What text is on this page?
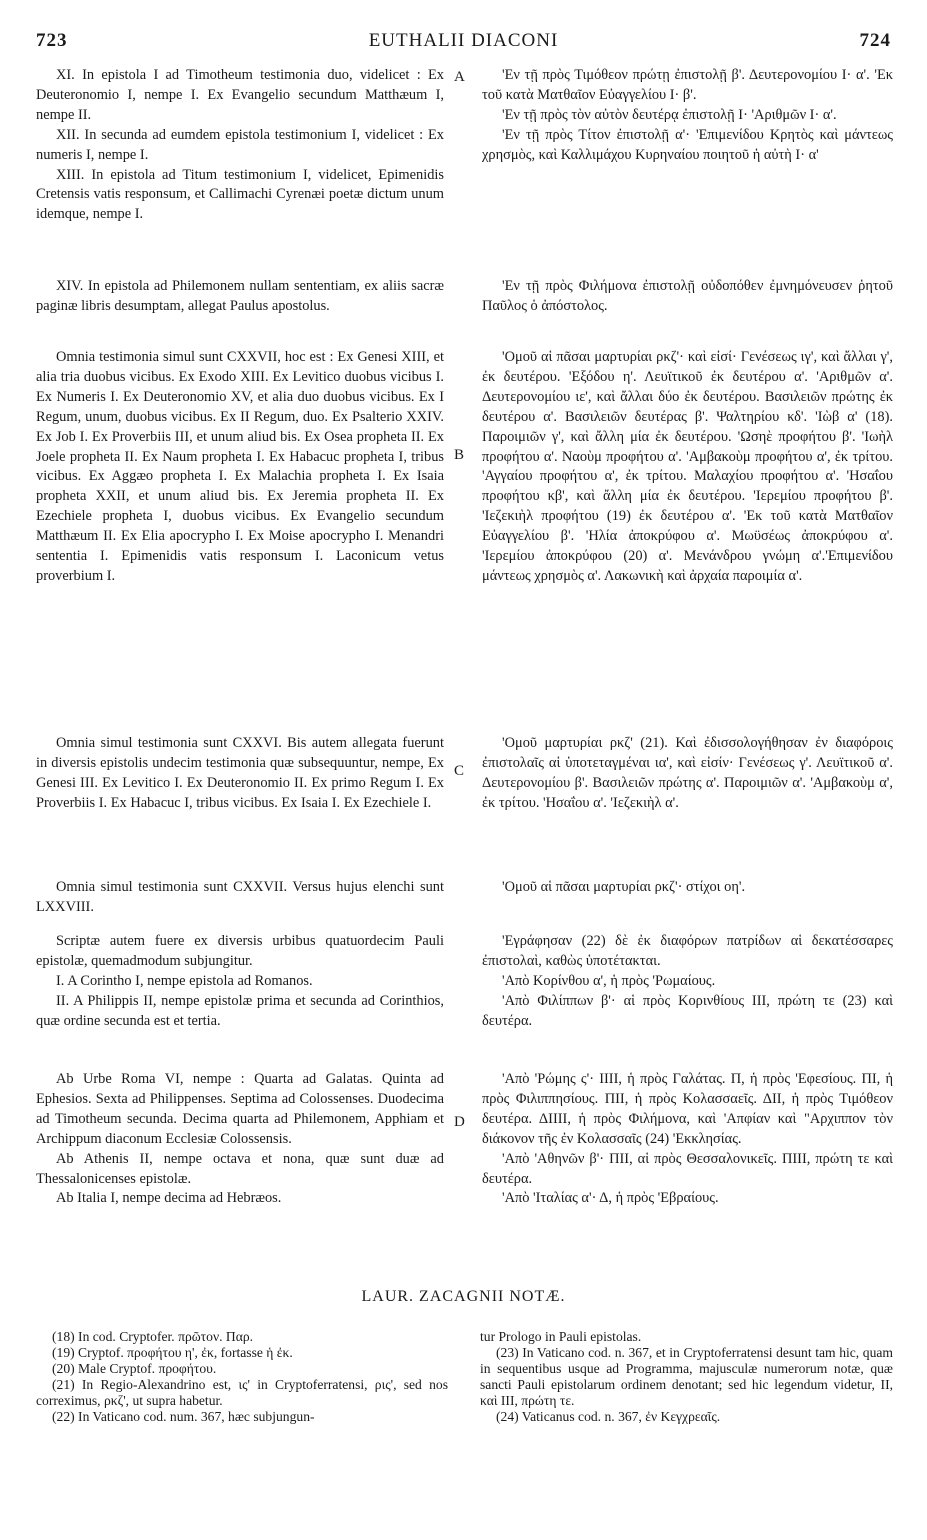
723	EUTHALII DIACONI	724

XI. In epistola I ad Timotheum testimonia duo, videlicet : Ex Deuteronomio I, nempe I. Ex Evangelio secundum Matthæum I, nempe II.

XII. In secunda ad eumdem epistola testimonium I, videlicet : Ex numeris I, nempe I.

XIII. In epistola ad Titum testimonium I, videlicet, Epimenidis Cretensis vatis responsum, et Callimachi Cyrenæi poetæ dictum unum idemque, nempe I.

XIV. In epistola ad Philemonem nullam sententiam, ex aliis sacræ paginæ libris desumptam, allegat Paulus apostolus.

Omnia testimonia simul sunt CXXVII, hoc est : Ex Genesi XIII, et alia tria duobus vicibus. Ex Exodo XIII. Ex Levitico duobus vicibus I. Ex Numeris I. Ex Deuteronomio XV, et alia duo duobus vicibus. Ex I Regum, unum, duobus vicibus. Ex II Regum, duo. Ex Psalterio XXIV. Ex Job I. Ex Proverbiis III, et unum aliud bis. Ex Osea propheta II. Ex Joele propheta II. Ex Naum propheta I. Ex Habacuc propheta I, tribus vicibus. Ex Aggæo propheta I. Ex Malachia propheta I. Ex Isaia propheta XXII, et unum aliud bis. Ex Jeremia propheta II. Ex Ezechiele propheta I, duobus vicibus. Ex Evangelio secundum Matthæum II. Ex Elia apocrypho I. Ex Moise apocrypho I. Menandri sententia I. Epimenidis vatis responsum I. Laconicum vetus proverbium I.

Omnia simul testimonia sunt CXXVI. Bis autem allegata fuerunt in diversis epistolis undecim testimonia quæ subsequuntur, nempe, Ex Genesi III. Ex Levitico I. Ex Deuteronomio II. Ex primo Regum I. Ex Proverbiis I. Ex Habacuc I, tribus vicibus. Ex Isaia I. Ex Ezechiele I.

Omnia simul testimonia sunt CXXVII. Versus hujus elenchi sunt LXXVIII.

Scriptæ autem fuere ex diversis urbibus quatuordecim Pauli epistolæ, quemadmodum subjungitur.

I. A Corintho I, nempe epistola ad Romanos.

II. A Philippis II, nempe epistolæ prima et secunda ad Corinthios, quæ ordine secunda est et tertia.

Ab Urbe Roma VI, nempe : Quarta ad Galatas. Quinta ad Ephesios. Sexta ad Philippenses. Septima ad Colossenses. Duodecima ad Timotheum secunda. Decima quarta ad Philemonem, Apphiam et Archippum diaconum Ecclesiæ Colossensis.

Ab Athenis II, nempe octava et nona, quæ sunt duæ ad Thessalonicenses epistolæ.

Ab Italia I, nempe decima ad Hebræos.

A
B
C
D

'Εν τῇ πρὸς Τιμόθεον πρώτῃ ἐπιστολῇ β'. Δευτερονομίου Ι· α'. 'Εκ τοῦ κατὰ Ματθαῖον Εὐαγγελίου Ι· β'.

'Εν τῇ πρὸς τὸν αὐτὸν δευτέρᾳ ἐπιστολῇ Ι· 'Αριθμῶν Ι· α'.

'Εν τῇ πρὸς Τίτον ἐπιστολῇ α'· 'Επιμενίδου Κρητὸς καὶ μάντεως χρησμὸς, καὶ Καλλιμάχου Κυρηναίου ποιητοῦ ἡ αὐτὴ Ι· α'

'Εν τῇ πρὸς Φιλήμονα ἐπιστολῇ οὐδοπόθεν ἐμνημόνευσεν ῥητοῦ Παῦλος ὁ ἀπόστολος.

'Ομοῦ αἱ πᾶσαι μαρτυρίαι ρκζ'· καὶ εἰσί· Γενέσεως ιγ', καὶ ἄλλαι γ', ἐκ δευτέρου. 'Εξόδου η'. Λευϊτικοῦ ἐκ δευτέρου α'. 'Αριθμῶν α'. Δευτερονομίου ιε', καὶ ἄλλαι δύο ἐκ δευτέρου. Βασιλειῶν πρώτης ἐκ δευτέρου α'. Βασιλειῶν δευτέρας β'. Ψαλτηρίου κδ'. 'Ιὼβ α' (18). Παροιμιῶν γ', καὶ ἄλλη μία ἐκ δευτέρου. 'Ωσηὲ προφήτου β'. 'Ιωὴλ προφήτου α'. Ναοὺμ προφήτου α'. 'Αμβακοὺμ προφήτου α', ἐκ τρίτου. 'Αγγαίου προφήτου α', ἐκ τρίτου. Μαλαχίου προφήτου α'. 'Ησαΐου προφήτου κβ', καὶ ἄλλη μία ἐκ δευτέρου. 'Ιερεμίου προφήτου β'. 'Ιεζεκιὴλ προφήτου (19) ἐκ δευτέρου α'. 'Εκ τοῦ κατὰ Ματθαῖον Εὐαγγελίου β'. 'Ηλία ἀποκρύφου α'. Μωϋσέως ἀποκρύφου α'. 'Ιερεμίου ἀποκρύφου (20) α'. Μενάνδρου γνώμη α'.'Επιμενίδου μάντεως χρησμὸς α'. Λακωνικὴ καὶ ἀρχαία παροιμία α'.

'Ομοῦ μαρτυρίαι ρκζ' (21). Καὶ ἐδισσολογήθησαν ἐν διαφόροις ἐπιστολαῖς αἱ ὑποτεταγμέναι ια', καὶ εἰσίν· Γενέσεως γ'. Λευϊτικοῦ α'. Δευτερονομίου β'. Βασιλειῶν πρώτης α'. Παροιμιῶν α'. 'Αμβακοὺμ α', ἐκ τρίτου. 'Ησαΐου α'. 'Ιεζεκιὴλ α'.

'Ομοῦ αἱ πᾶσαι μαρτυρίαι ρκζ'· στίχοι οη'.

'Εγράφησαν (22) δὲ ἐκ διαφόρων πατρίδων αἱ δεκατέσσαρες ἐπιστολαὶ, καθὼς ὑποτέτακται.

'Απὸ Κορίνθου α', ἡ πρὸς 'Ρωμαίους.

'Απὸ Φιλίππων β'· αἱ πρὸς Κορινθίους ΙΙΙ, πρώτη τε (23) καὶ δευτέρα.

'Απὸ 'Ρώμης ς'· ΙΙΙΙ, ἡ πρὸς Γαλάτας. Π, ἡ πρὸς 'Εφεσίους. ΠΙ, ἡ πρὸς Φιλιππησίους. ΠΙΙ, ἡ πρὸς Κολασσαεῖς. ΔΙΙ, ἡ πρὸς Τιμόθεον δευτέρα. ΔΙΙΙΙ, ἡ πρὸς Φιλήμονα, καὶ 'Απφίαν καὶ "Αρχιππον τὸν διάκονον τῆς ἐν Κολασσαῖς (24) 'Εκκλησίας.

'Απὸ 'Αθηνῶν β'· ΠΙΙ, αἱ πρὸς Θεσσαλονικεῖς. ΠΙΙΙ, πρώτη τε καὶ δευτέρα.

'Απὸ 'Ιταλίας α'· Δ, ἡ πρὸς 'Εβραίους.

LAUR. ZACAGNII NOTÆ.

(18) In cod. Cryptofer. πρῶτον. Παρ.

(19) Cryptof. προφήτου η', ἐκ, fortasse ἡ ἐκ.

(20) Male Cryptof. προφήτου.

(21) In Regio-Alexandrino est, ις' in Cryptoferratensi, ρις', sed nos correximus, ρκζ', ut supra habetur.

(22) In Vaticano cod. num. 367, hæc subjungun-

tur Prologo in Pauli epistolas.

(23) In Vaticano cod. n. 367, et in Cryptoferratensi desunt tam hic, quam in sequentibus usque ad Programma, majusculæ numerorum notæ, quæ sancti Pauli epistolarum ordinem denotant; sed hic legendum videtur, II, καὶ III, πρώτη τε.

(24) Vaticanus cod. n. 367, ἐν Κεγχρεαῖς.
